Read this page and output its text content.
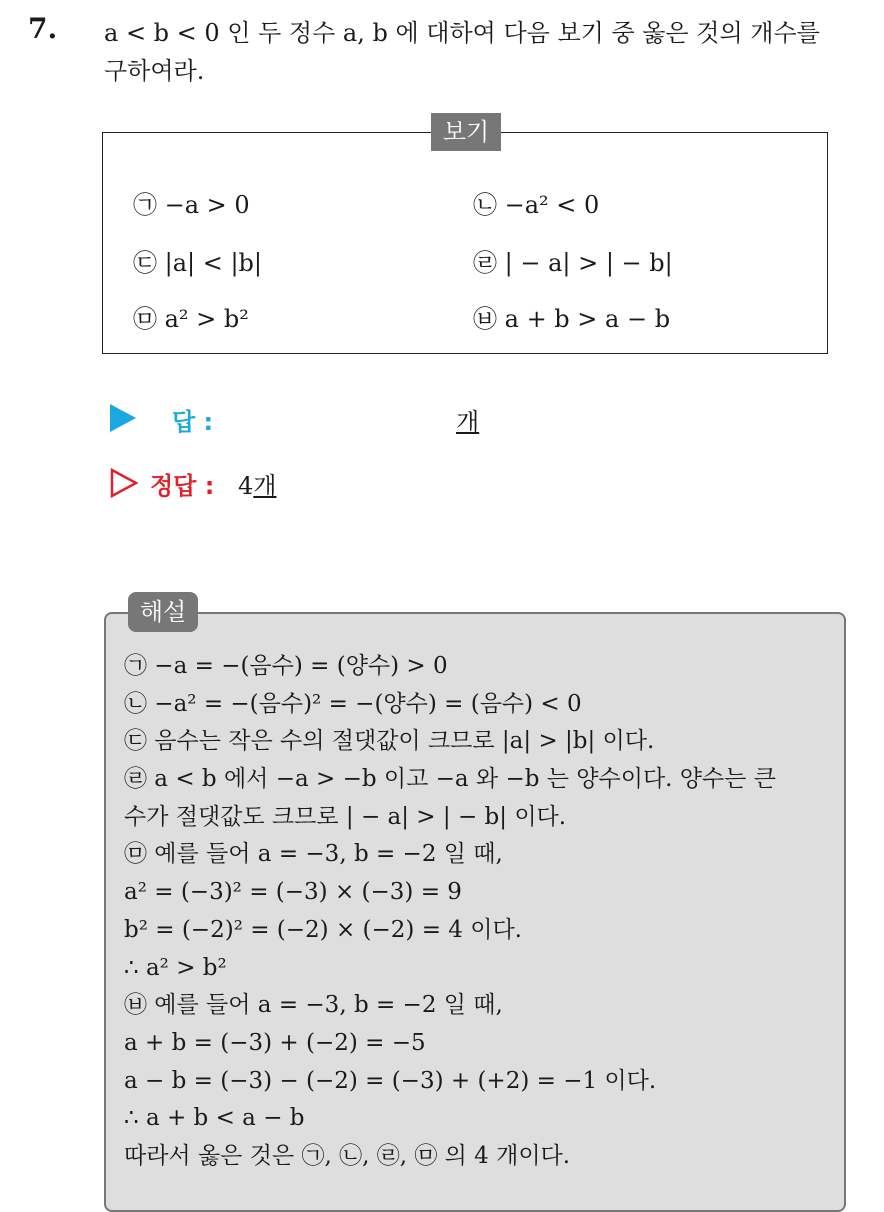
7. a < b < 0 인 두 정수 a, b 에 대하여 다음 보기 중 옳은 것의 개수를
구하여라.
보기
㉠ −a > 0	㉡ −a² < 0
㉢ |a| < |b|	㉣ | − a| > | − b|
㉤ a² > b²	㉥ a + b > a − b
답 :	개
정답 : 4개
해설
㉠ −a = −(음수) = (양수) > 0
㉡ −a² = −(음수)² = −(양수) = (음수) < 0
㉢ 음수는 작은 수의 절댓값이 크므로 |a| > |b| 이다.
㉣ a < b 에서 −a > −b 이고 −a 와 −b 는 양수이다. 양수는 큰
수가 절댓값도 크므로 | − a| > | − b| 이다.
㉤ 예를 들어 a = −3, b = −2 일 때,
a² = (−3)² = (−3) × (−3) = 9
b² = (−2)² = (−2) × (−2) = 4 이다.
∴ a² > b²
㉥ 예를 들어 a = −3, b = −2 일 때,
a + b = (−3) + (−2) = −5
a − b = (−3) − (−2) = (−3) + (+2) = −1 이다.
∴ a + b < a − b
따라서 옳은 것은 ㉠, ㉡, ㉣, ㉤ 의 4 개이다.
